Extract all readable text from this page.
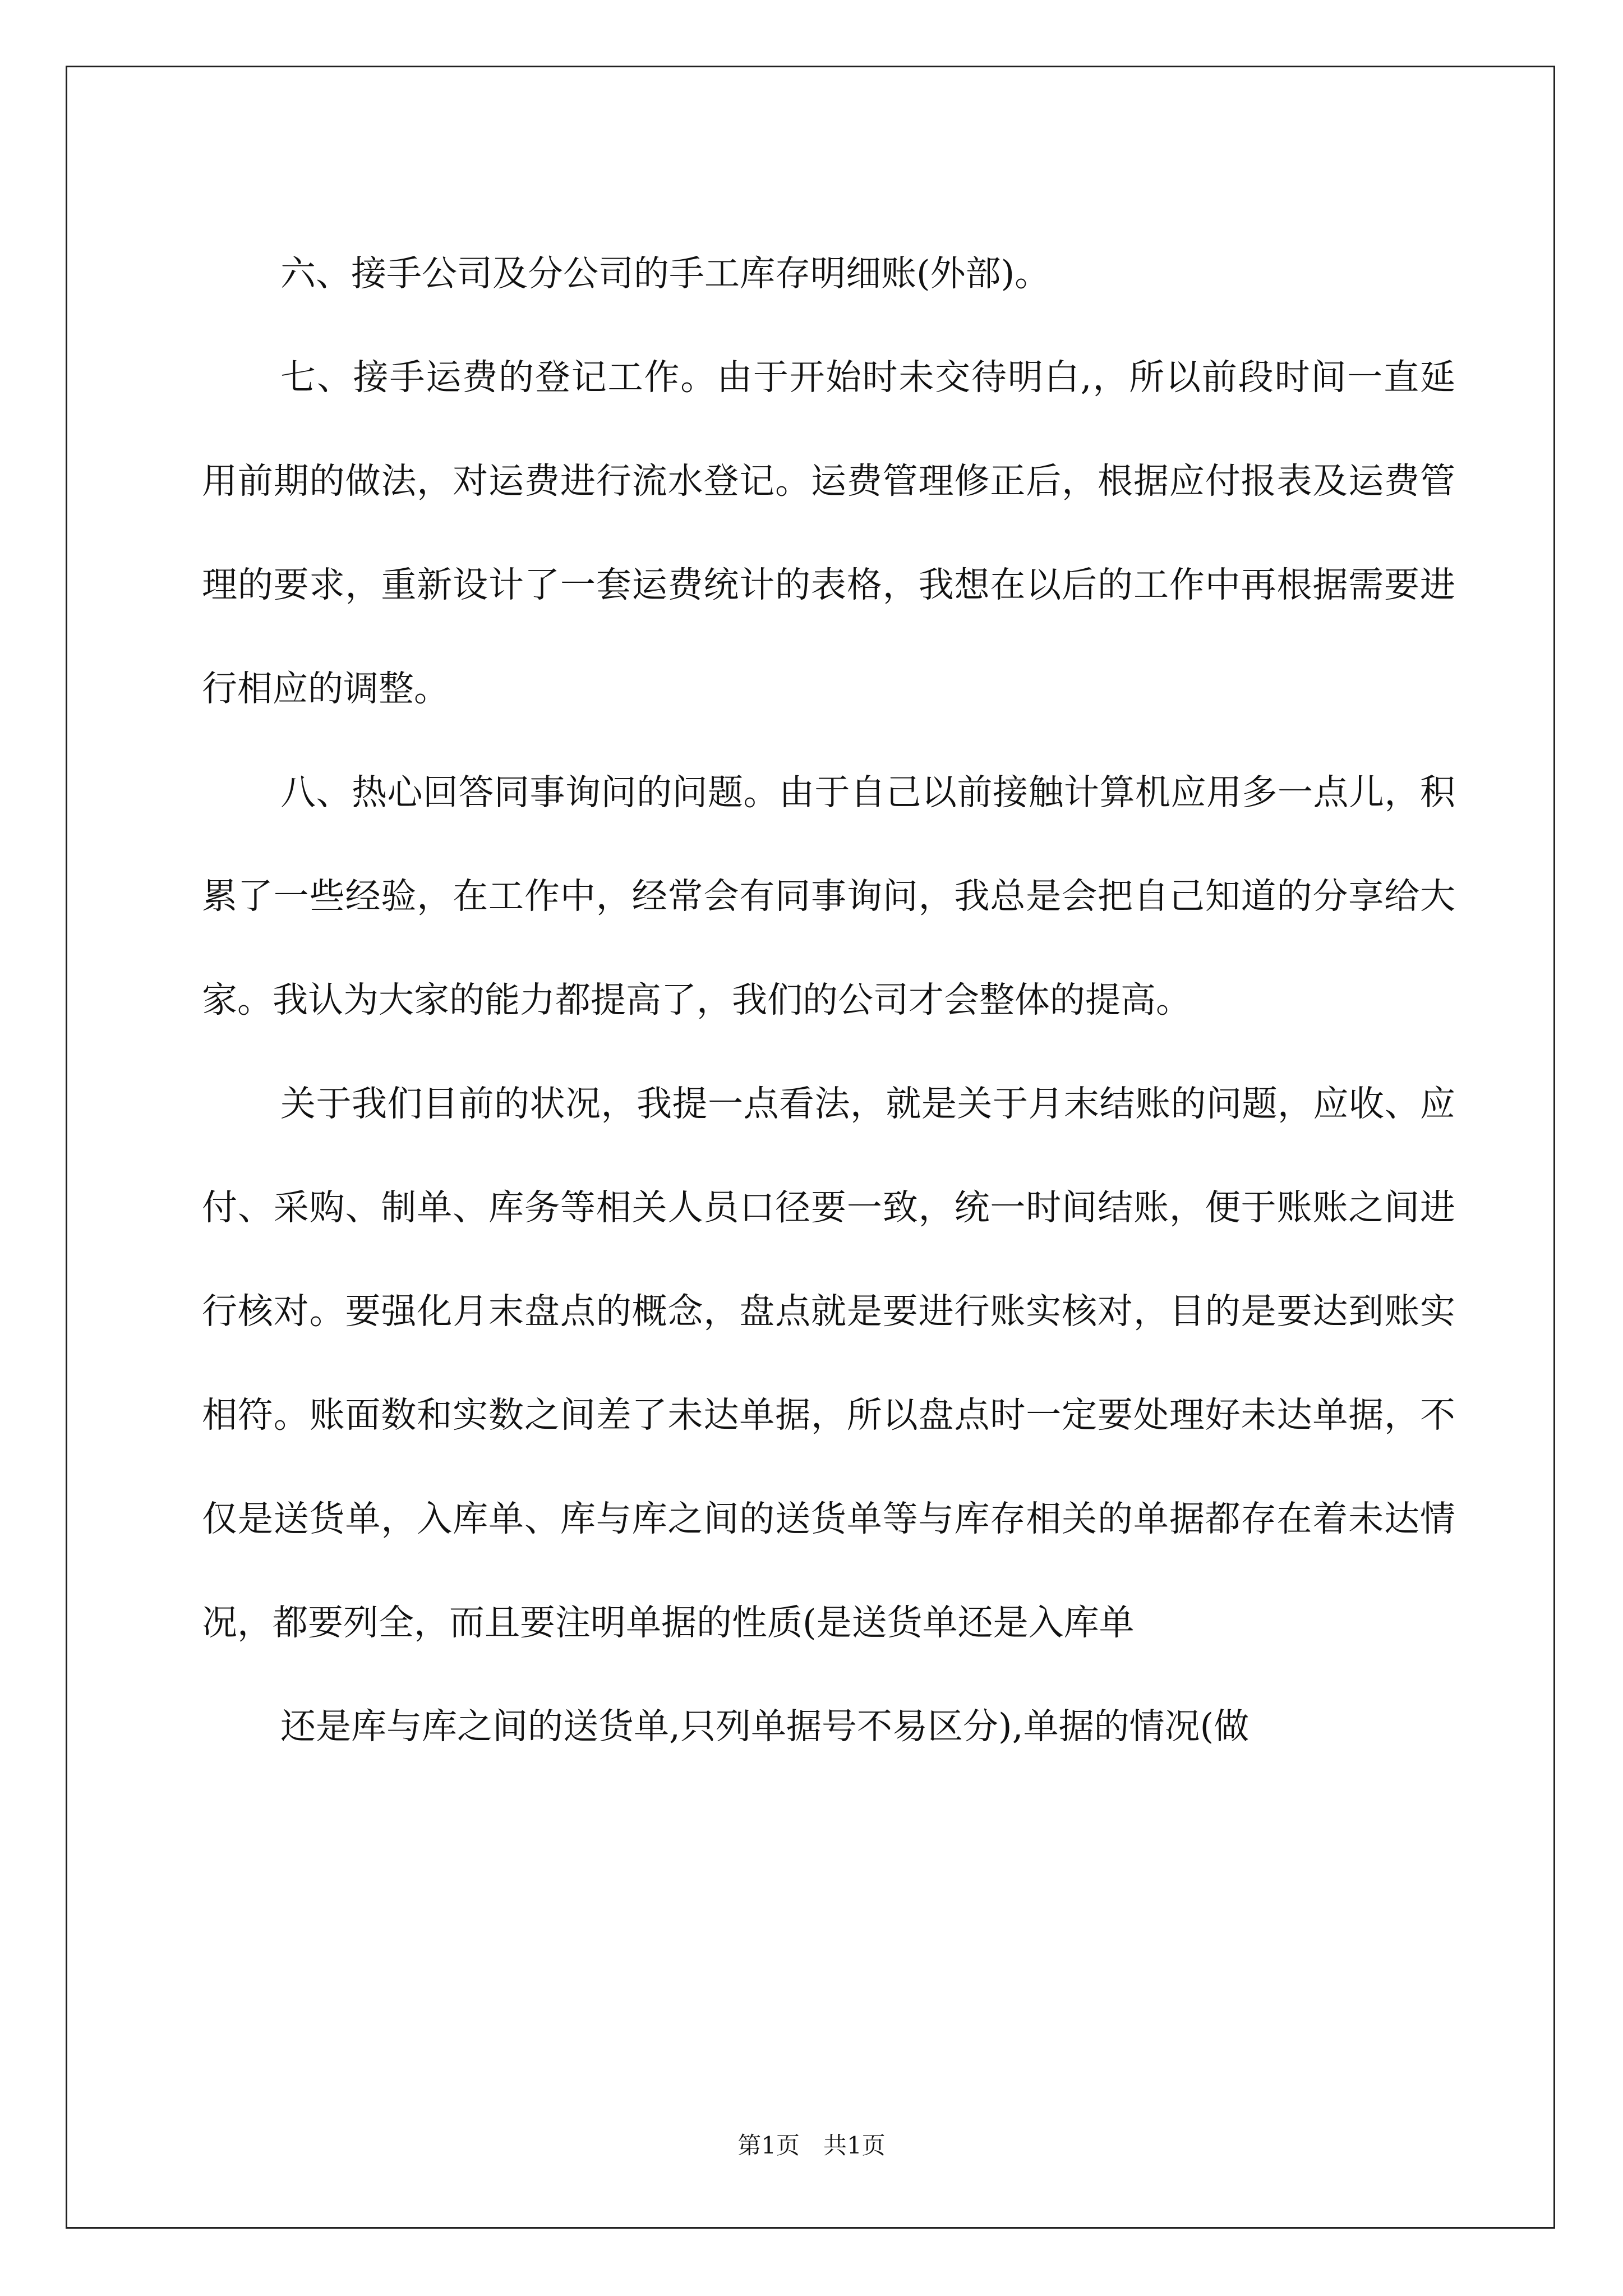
六、接手公司及分公司的手工库存明细账(外部)。

七、接手运费的登记工作。由于开始时未交待明白,，所以前段时间一直延用前期的做法，对运费进行流水登记。运费管理修正后，根据应付报表及运费管理的要求，重新设计了一套运费统计的表格，我想在以后的工作中再根据需要进行相应的调整。

八、热心回答同事询问的问题。由于自己以前接触计算机应用多一点儿，积累了一些经验，在工作中，经常会有同事询问，我总是会把自己知道的分享给大家。我认为大家的能力都提高了，我们的公司才会整体的提高。

关于我们目前的状况，我提一点看法，就是关于月末结账的问题，应收、应付、采购、制单、库务等相关人员口径要一致，统一时间结账，便于账账之间进行核对。要强化月末盘点的概念，盘点就是要进行账实核对，目的是要达到账实相符。账面数和实数之间差了未达单据，所以盘点时一定要处理好未达单据，不仅是送货单，入库单、库与库之间的送货单等与库存相关的单据都存在着未达情况，都要列全，而且要注明单据的性质(是送货单还是入库单

还是库与库之间的送货单,只列单据号不易区分),单据的情况(做

第1页　共1页
